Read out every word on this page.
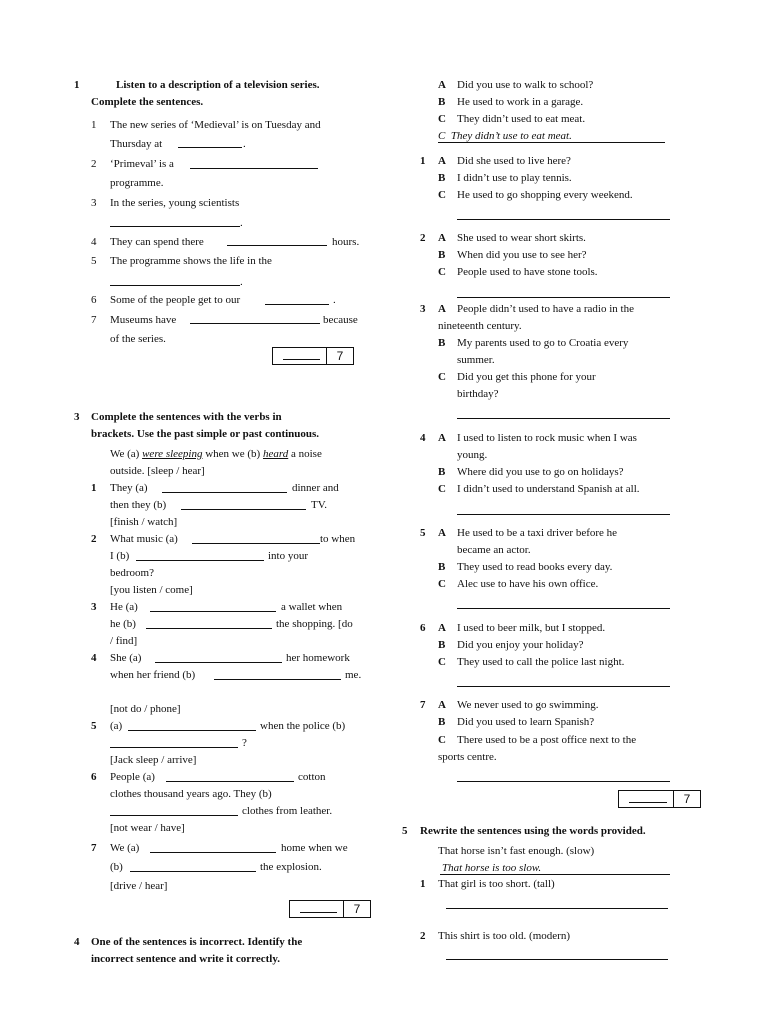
1	Listen to a description of a television series.
Complete the sentences.
1 The new series of ‘Medieval’ is on Tuesday and
Thursday at	.
2 ‘Primeval’ is a
programme.
3 In the series, young scientists
.
4 They can spend there	hours.
5 The programme shows the life in the
.
6 Some of the people get to our	.
7 Museums have	because
of the series.
7
3 Complete the sentences with the verbs in
brackets. Use the past simple or past continuous.
We (a) were sleeping when we (b) heard a noise
outside. [sleep / hear]
1 They (a)	dinner and
then they (b)	TV.
[finish / watch]
2 What music (a)	to when
I (b)	into your
bedroom?
[you listen / come]
3 He (a)	a wallet when
he (b)	the shopping. [do
/ find]
4 She (a)	her homework
when her friend (b)	me.
[not do / phone]
5 (a)	when the police (b)
?
[Jack sleep / arrive]
6 People (a)	cotton
clothes thousand years ago. They (b)
clothes from leather.
[not wear / have]
7 We (a)	home when we
(b)	the explosion.
[drive / hear]
7
4 One of the sentences is incorrect. Identify the
incorrect sentence and write it correctly.
A Did you use to walk to school?
B He used to work in a garage.
C They didn’t used to eat meat.
C  They didn’t use to eat meat.
1 A Did she used to live here?
B I didn’t use to play tennis.
C He used to go shopping every weekend.
2 A She used to wear short skirts.
B When did you use to see her?
C People used to have stone tools.
3 A People didn’t used to have a radio in the
nineteenth century.
B My parents used to go to Croatia every
summer.
C Did you get this phone for your
birthday?
4 A I used to listen to rock music when I was
young.
B Where did you use to go on holidays?
C I didn’t used to understand Spanish at all.
5 A He used to be a taxi driver before he
became an actor.
B They used to read books every day.
C Alec use to have his own office.
6 A I used to beer milk, but I stopped.
B Did you enjoy your holiday?
C They used to call the police last night.
7 A We never used to go swimming.
B Did you used to learn Spanish?
C There used to be a post office next to the
sports centre.
7
5 Rewrite the sentences using the words provided.
That horse isn’t fast enough. (slow)
That horse is too slow.
1 That girl is too short. (tall)
2 This shirt is too old. (modern)
